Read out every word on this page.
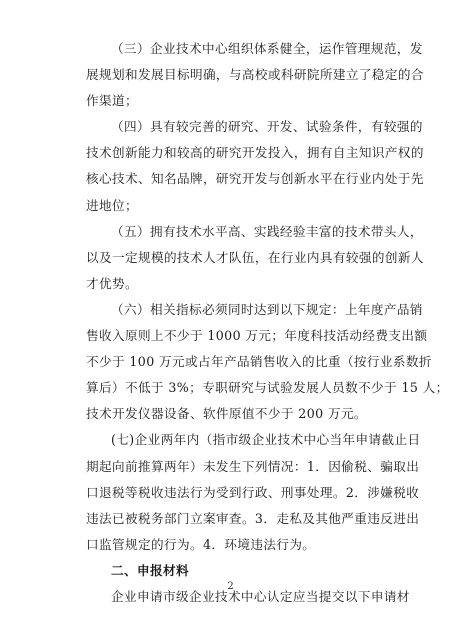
（三）企业技术中心组织体系健全，运作管理规范，发
展规划和发展目标明确，与高校或科研院所建立了稳定的合
作渠道；

（四）具有较完善的研究、开发、试验条件，有较强的
技术创新能力和较高的研究开发投入，拥有自主知识产权的
核心技术、知名品牌，研究开发与创新水平在行业内处于先
进地位；

（五）拥有技术水平高、实践经验丰富的技术带头人，
以及一定规模的技术人才队伍，在行业内具有较强的创新人
才优势。

（六）相关指标必须同时达到以下规定：上年度产品销
售收入原则上不少于 1000 万元；年度科技活动经费支出额
不少于 100 万元或占年产品销售收入的比重（按行业系数折
算后）不低于 3%；专职研究与试验发展人员数不少于 15 人；
技术开发仪器设备、软件原值不少于 200 万元。

(七)企业两年内（指市级企业技术中心当年申请截止日
期起向前推算两年）未发生下列情况：1．因偷税、骗取出
口退税等税收违法行为受到行政、刑事处理。2．涉嫌税收
违法已被税务部门立案审查。3．走私及其他严重违反进出
口监管规定的行为。4．环境违法行为。

二、申报材料

企业申请市级企业技术中心认定应当提交以下申请材

2
